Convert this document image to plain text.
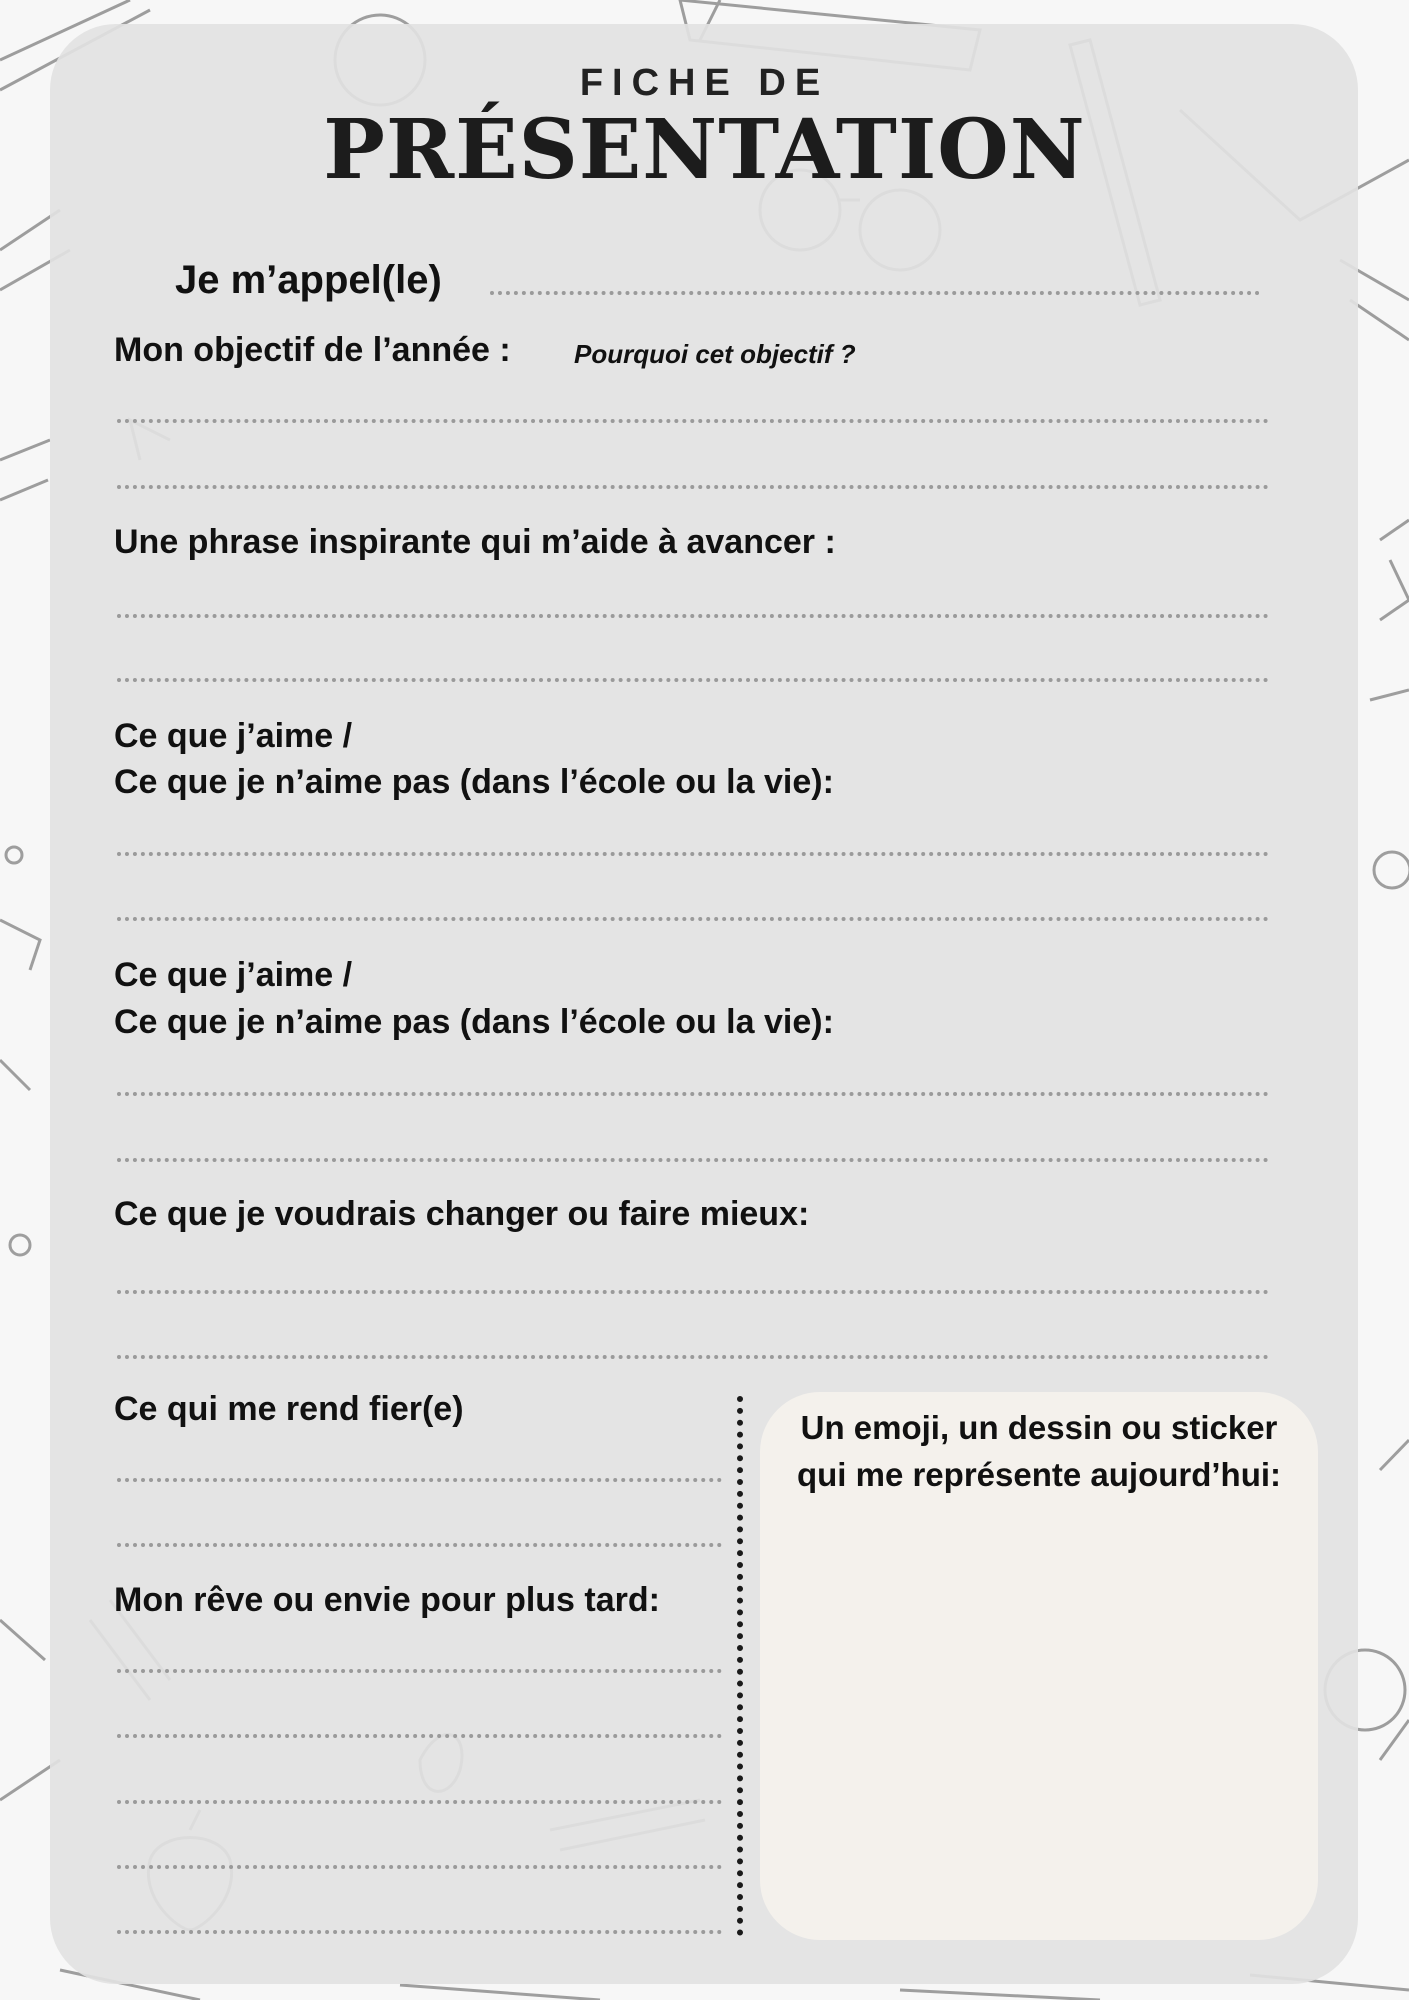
FICHE DE
PRÉSENTATION
Je m’appel(le)
Mon objectif de l’année : Pourquoi cet objectif ?
Une phrase inspirante qui m’aide à avancer :
Ce que j’aime /
Ce que je n’aime pas (dans l’école ou la vie):
Ce que j’aime /
Ce que je n’aime pas (dans l’école ou la vie):
Ce que je voudrais changer ou faire mieux:
Ce qui me rend fier(e)
Mon rêve ou envie pour plus tard:
Un emoji, un dessin ou sticker qui me représente aujourd’hui:
